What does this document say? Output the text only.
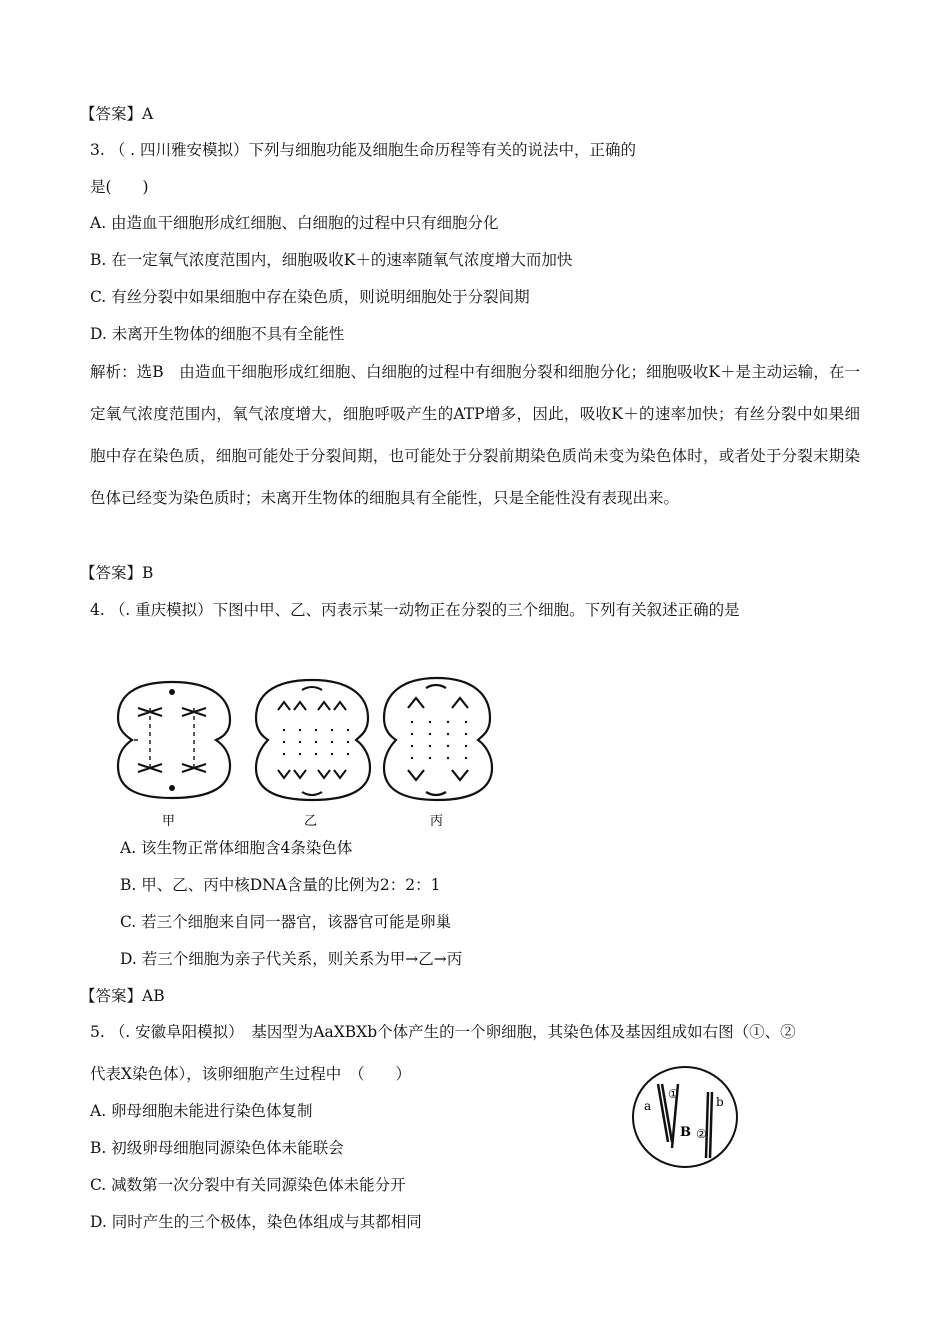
【答案】A
3. （ . 四川雅安模拟）下列与细胞功能及细胞生命历程等有关的说法中，正确的
是(　　)
A. 由造血干细胞形成红细胞、白细胞的过程中只有细胞分化
B. 在一定氧气浓度范围内，细胞吸收K＋的速率随氧气浓度增大而加快
C. 有丝分裂中如果细胞中存在染色质，则说明细胞处于分裂间期
D. 未离开生物体的细胞不具有全能性
解析：选B　由造血干细胞形成红细胞、白细胞的过程中有细胞分裂和细胞分化；细胞吸收K＋是主动运输，在一定氧气浓度范围内，氧气浓度增大，细胞呼吸产生的ATP增多，因此，吸收K＋的速率加快；有丝分裂中如果细胞中存在染色质，细胞可能处于分裂间期，也可能处于分裂前期染色质尚未变为染色体时，或者处于分裂末期染色体已经变为染色质时；未离开生物体的细胞具有全能性，只是全能性没有表现出来。
【答案】B
4. （. 重庆模拟）下图中甲、乙、丙表示某一动物正在分裂的三个细胞。下列有关叙述正确的是
甲	乙	丙
A. 该生物正常体细胞含4条染色体
B. 甲、乙、丙中核DNA含量的比例为2：2：1
C. 若三个细胞来自同一器官，该器官可能是卵巢
D. 若三个细胞为亲子代关系，则关系为甲→乙→丙
【答案】AB
5. （. 安徽阜阳模拟）　基因型为AaXBXb个体产生的一个卵细胞，其染色体及基因组成如右图（①、②
代表X染色体），该卵细胞产生过程中　（　　）
a
①
B ②
b
A. 卵母细胞未能进行染色体复制
B. 初级卵母细胞同源染色体未能联会
C. 减数第一次分裂中有关同源染色体未能分开
D. 同时产生的三个极体，染色体组成与其都相同
